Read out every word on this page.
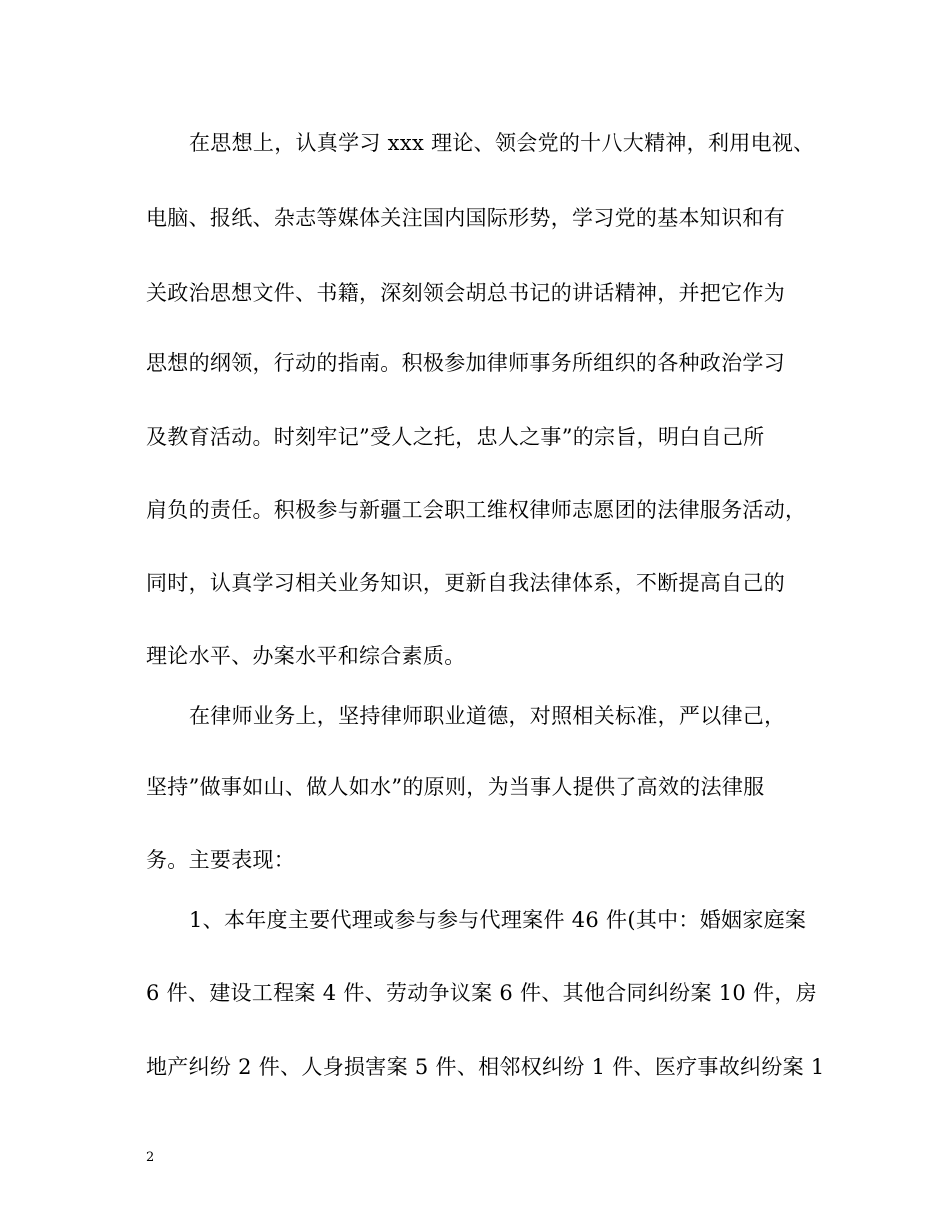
在思想上，认真学习 xxx 理论、领会党的十八大精神，利用电视、
电脑、报纸、杂志等媒体关注国内国际形势，学习党的基本知识和有
关政治思想文件、书籍，深刻领会胡总书记的讲话精神，并把它作为
思想的纲领，行动的指南。积极参加律师事务所组织的各种政治学习
及教育活动。时刻牢记”受人之托，忠人之事”的宗旨，明白自己所
肩负的责任。积极参与新疆工会职工维权律师志愿团的法律服务活动，
同时，认真学习相关业务知识，更新自我法律体系，不断提高自己的
理论水平、办案水平和综合素质。
在律师业务上，坚持律师职业道德，对照相关标准，严以律己，
坚持”做事如山、做人如水”的原则，为当事人提供了高效的法律服
务。主要表现：
1、本年度主要代理或参与参与代理案件 46 件(其中：婚姻家庭案
6 件、建设工程案 4 件、劳动争议案 6 件、其他合同纠纷案 10 件，房
地产纠纷 2 件、人身损害案 5 件、相邻权纠纷 1 件、医疗事故纠纷案 1
2
